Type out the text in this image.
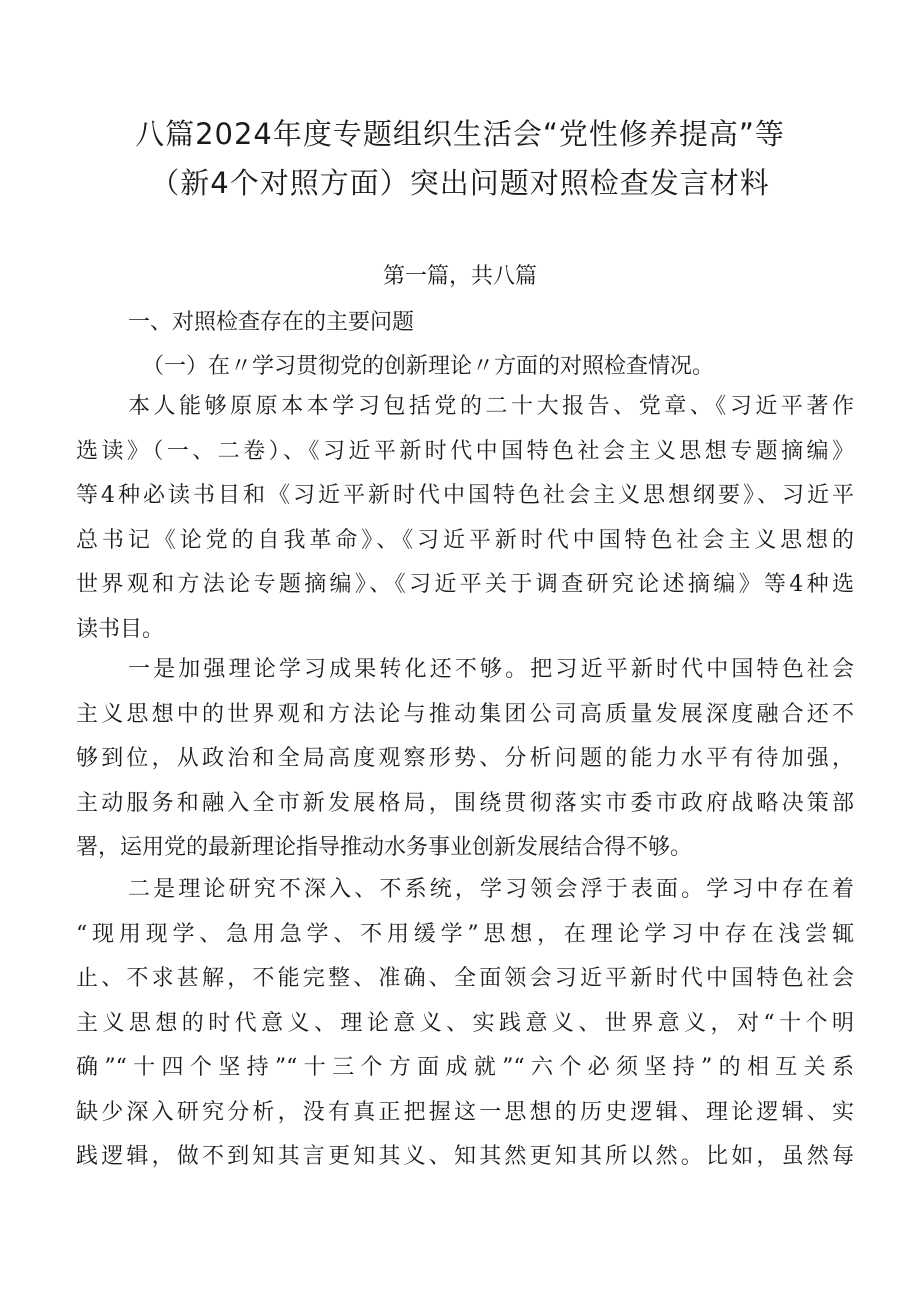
八篇2024年度专题组织生活会“党性修养提高”等
（新4个对照方面）突出问题对照检查发言材料
第一篇，共八篇
一、对照检查存在的主要问题
（一）在〃学习贯彻党的创新理论〃方面的对照检查情况。
本人能够原原本本学习包括党的二十大报告、党章、《习近平著作
选读》（一、二卷）、《习近平新时代中国特色社会主义思想专题摘编》
等4种必读书目和《习近平新时代中国特色社会主义思想纲要》、习近平
总书记《论党的自我革命》、《习近平新时代中国特色社会主义思想的
世界观和方法论专题摘编》、《习近平关于调查研究论述摘编》等4种选
读书目。
一是加强理论学习成果转化还不够。把习近平新时代中国特色社会
主义思想中的世界观和方法论与推动集团公司高质量发展深度融合还不
够到位，从政治和全局高度观察形势、分析问题的能力水平有待加强，
主动服务和融入全市新发展格局，围绕贯彻落实市委市政府战略决策部
署，运用党的最新理论指导推动水务事业创新发展结合得不够。
二是理论研究不深入、不系统，学习领会浮于表面。学习中存在着
“现用现学、急用急学、不用缓学”思想，在理论学习中存在浅尝辄
止、不求甚解，不能完整、准确、全面领会习近平新时代中国特色社会
主义思想的时代意义、理论意义、实践意义、世界意义，对“十个明
确”“十四个坚持”“十三个方面成就”“六个必须坚持”的相互关系
缺少深入研究分析，没有真正把握这一思想的历史逻辑、理论逻辑、实
践逻辑，做不到知其言更知其义、知其然更知其所以然。比如，虽然每
